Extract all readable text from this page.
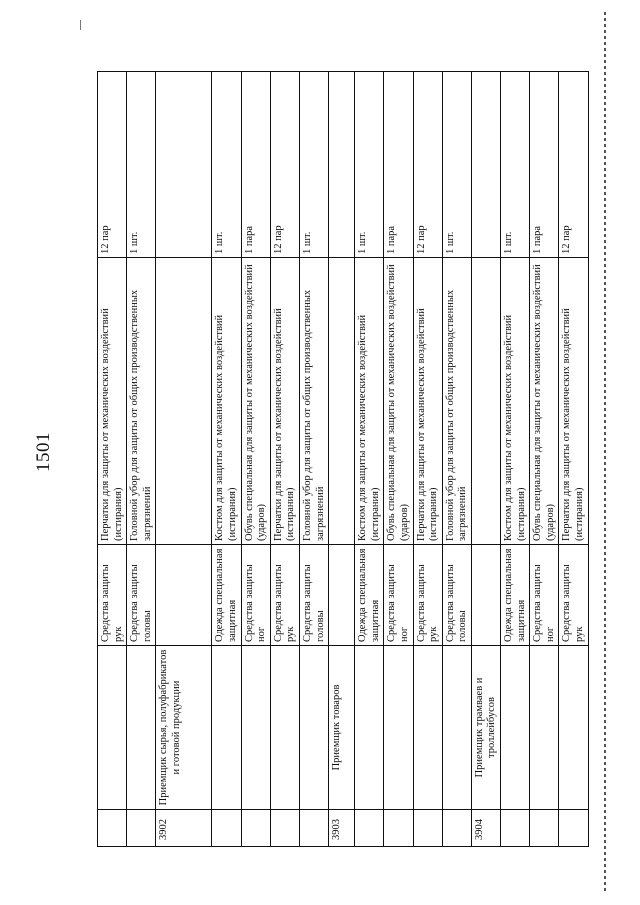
1501
		Средства защиты рук	Перчатки для защиты от механических воздействий (истирания)	12 пар
		Средства защиты головы	Головной убор для защиты от общих производственных загрязнений	1 шт.
3902	Приемщик сырья, полуфабрикатов и готовой продукции			
		Одежда специальная защитная	Костюм для защиты от механических воздействий (истирания)	1 шт.
		Средства защиты ног	Обувь специальная для защиты от механических воздействий (ударов)	1 пара
		Средства защиты рук	Перчатки для защиты от механических воздействий (истирания)	12 пар
		Средства защиты головы	Головной убор для защиты от общих производственных загрязнений	1 шт.
3903	Приемщик товаров			
		Одежда специальная защитная	Костюм для защиты от механических воздействий (истирания)	1 шт.
		Средства защиты ног	Обувь специальная для защиты от механических воздействий (ударов)	1 пара
		Средства защиты рук	Перчатки для защиты от механических воздействий (истирания)	12 пар
		Средства защиты головы	Головной убор для защиты от общих производственных загрязнений	1 шт.
3904	Приемщик трамваев и троллейбусов			
		Одежда специальная защитная	Костюм для защиты от механических воздействий (истирания)	1 шт.
		Средства защиты ног	Обувь специальная для защиты от механических воздействий (ударов)	1 пара
		Средства защиты рук	Перчатки для защиты от механических воздействий (истирания)	12 пар
